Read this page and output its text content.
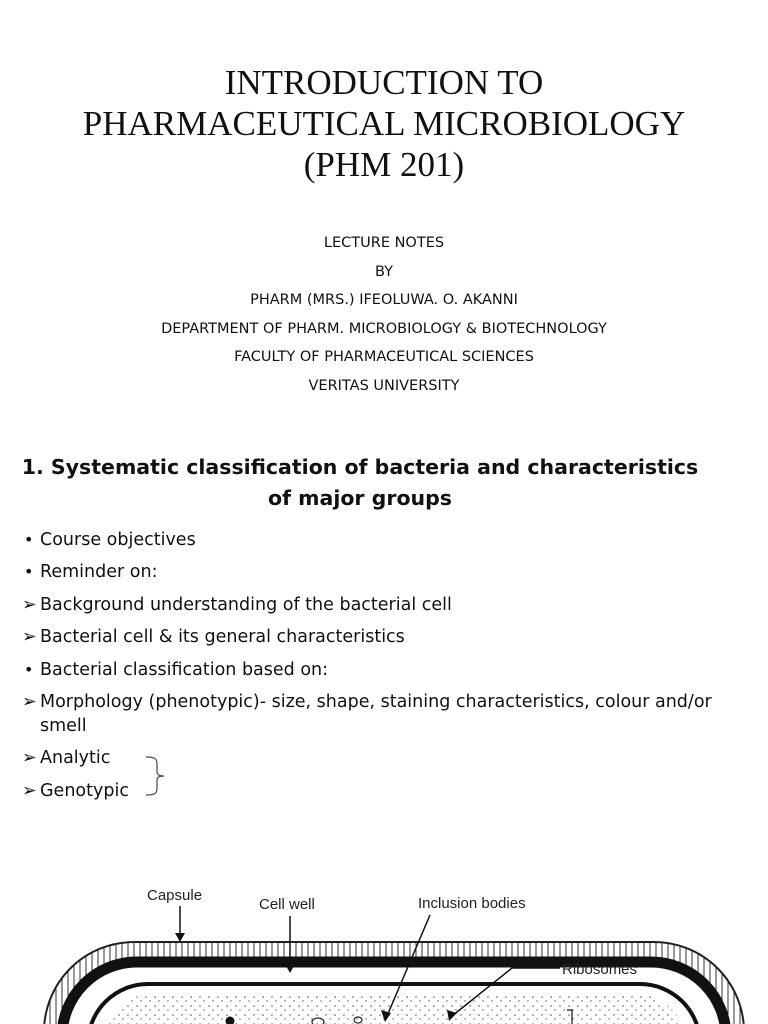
INTRODUCTION TO
PHARMACEUTICAL MICROBIOLOGY
(PHM 201)
LECTURE NOTES
BY
PHARM (MRS.) IFEOLUWA. O. AKANNI
DEPARTMENT OF PHARM. MICROBIOLOGY & BIOTECHNOLOGY
FACULTY OF PHARMACEUTICAL SCIENCES
VERITAS UNIVERSITY
1. Systematic classification of bacteria and characteristics
of major groups
• Course objectives
• Reminder on:
➢ Background understanding of the bacterial cell
➢ Bacterial cell & its general characteristics
• Bacterial classification based on:
➢ Morphology (phenotypic)- size, shape, staining characteristics, colour and/or smell
➢ Analytic
➢ Genotypic
Capsule
Cell well	Inclusion bodies
Ribosomes
